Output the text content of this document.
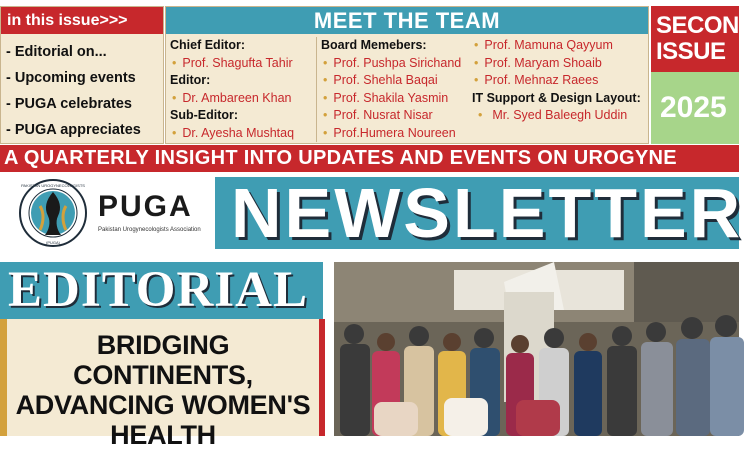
in this issue>>>
- Editorial on...
- Upcoming events
- PUGA celebrates
- PUGA appreciates
MEET THE TEAM
Chief Editor:
• Prof. Shagufta Tahir
Editor:
• Dr. Ambareen Khan
Sub-Editor:
• Dr. Ayesha Mushtaq
Board Memebers:
• Prof. Pushpa Sirichand
• Prof. Shehla Baqai
• Prof. Shakila Yasmin
• Prof. Nusrat Nisar
• Prof.Humera Noureen
• Prof. Mamuna Qayyum
• Prof. Maryam Shoaib
• Prof. Mehnaz Raees
IT Support & Design Layout:
• Mr. Syed Baleegh Uddin
SECOND
ISSUE
2025
A QUARTERLY INSIGHT INTO UPDATES AND EVENTS ON UROGYNE
PAKISTAN UROGYNECOLOGISTS
(PUGA)
PUGA
Pakistan Urogynecologists Association NEWSLETTER
EDITORIAL
BRIDGING CONTINENTS,
ADVANCING WOMEN'S
HEALTH
